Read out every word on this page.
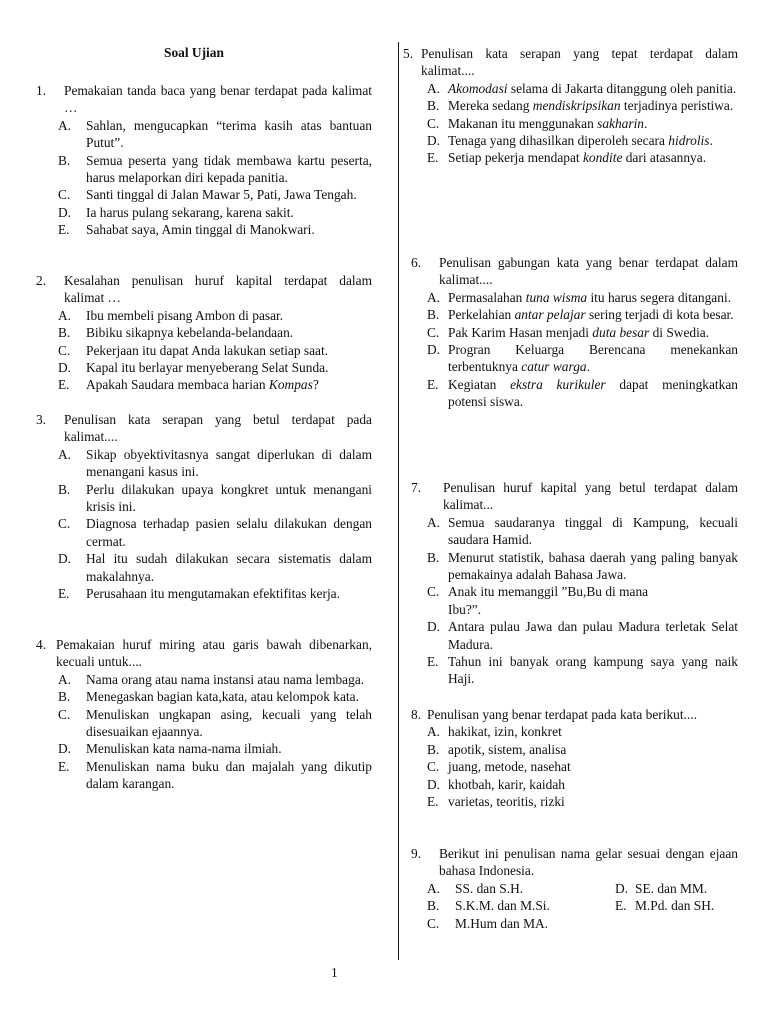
Soal Ujian
1. Pemakaian tanda baca yang benar terdapat pada kalimat …
A. Sahlan, mengucapkan “terima kasih atas bantuan Putut”.
B. Semua peserta yang tidak membawa kartu peserta, harus melaporkan diri kepada panitia.
C. Santi tinggal di Jalan Mawar 5, Pati, Jawa Tengah.
D. Ia harus pulang sekarang, karena sakit.
E. Sahabat saya, Amin tinggal di Manokwari.
2. Kesalahan penulisan huruf kapital terdapat dalam kalimat …
A. Ibu membeli pisang Ambon di pasar.
B. Bibiku sikapnya kebelanda-belandaan.
C. Pekerjaan itu dapat Anda lakukan setiap saat.
D. Kapal itu berlayar menyeberang Selat Sunda.
E. Apakah Saudara membaca harian Kompas?
3. Penulisan kata serapan yang betul terdapat pada kalimat....
A. Sikap obyektivitasnya sangat diperlukan di dalam menangani kasus ini.
B. Perlu dilakukan upaya kongkret untuk menangani krisis ini.
C. Diagnosa terhadap pasien selalu dilakukan dengan cermat.
D. Hal itu sudah dilakukan secara sistematis dalam makalahnya.
E. Perusahaan itu mengutamakan efektifitas kerja.
4. Pemakaian huruf miring atau garis bawah dibenarkan, kecuali untuk....
A. Nama orang atau nama instansi atau nama lembaga.
B. Menegaskan bagian kata,kata, atau kelompok kata.
C. Menuliskan ungkapan asing, kecuali yang telah disesuaikan ejaannya.
D. Menuliskan kata nama-nama ilmiah.
E. Menuliskan nama buku dan majalah yang dikutip dalam karangan.
5. Penulisan kata serapan yang tepat terdapat dalam kalimat....
A. Akomodasi selama di Jakarta ditanggung oleh panitia.
B. Mereka sedang mendiskripsikan terjadinya peristiwa.
C. Makanan itu menggunakan sakharin.
D. Tenaga yang dihasilkan diperoleh secara hidrolis.
E. Setiap pekerja mendapat kondite dari atasannya.
6. Penulisan gabungan kata yang benar terdapat dalam kalimat....
A. Permasalahan tuna wisma itu harus segera ditangani.
B. Perkelahian antar pelajar sering terjadi di kota besar.
C. Pak Karim Hasan menjadi duta besar di Swedia.
D. Progran Keluarga Berencana menekankan terbentuknya catur warga.
E. Kegiatan ekstra kurikuler dapat meningkatkan potensi siswa.
7. Penulisan huruf kapital yang betul terdapat dalam kalimat...
A. Semua saudaranya tinggal di Kampung, kecuali saudara Hamid.
B. Menurut statistik, bahasa daerah yang paling banyak pemakainya adalah Bahasa Jawa.
C. Anak itu memanggil ”Bu,Bu di mana Ibu?”.
D. Antara pulau Jawa dan pulau Madura terletak Selat Madura.
E. Tahun ini banyak orang kampung saya yang naik Haji.
8. Penulisan yang benar terdapat pada kata berikut....
A. hakikat, izin, konkret
B. apotik, sistem, analisa
C. juang, metode, nasehat
D. khotbah, karir, kaidah
E. varietas, teoritis, rizki
9. Berikut ini penulisan nama gelar sesuai dengan ejaan bahasa Indonesia.
A. SS. dan S.H.	D. SE. dan MM.
B. S.K.M. dan M.Si.	E. M.Pd. dan SH.
C. M.Hum dan MA.
1
